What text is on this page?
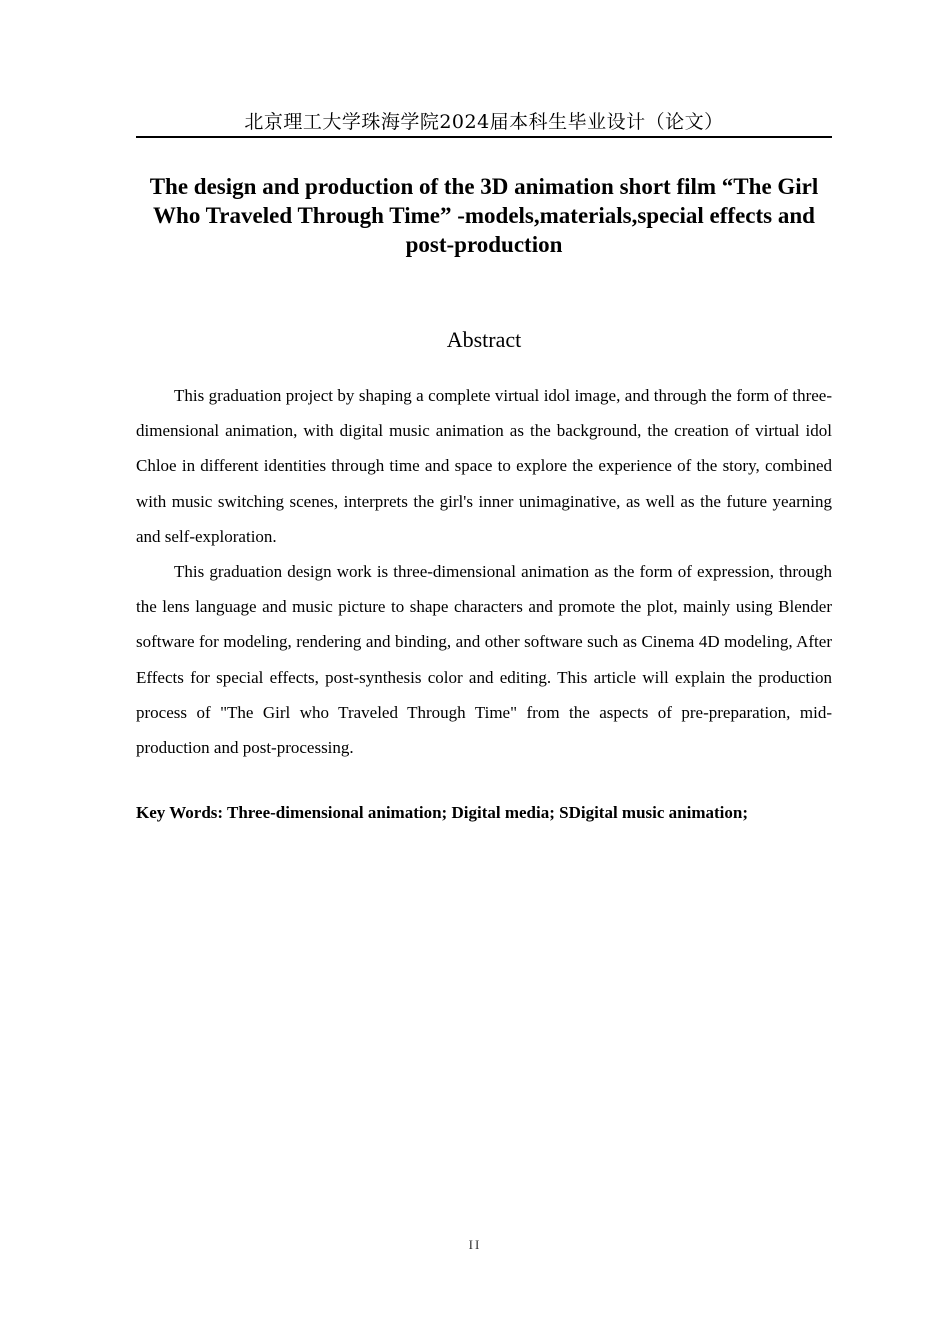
北京理工大学珠海学院2024届本科生毕业设计（论文）
The design and production of the 3D animation short film “The Girl Who Traveled Through Time” -models,materials,special effects and post-production
Abstract

This graduation project by shaping a complete virtual idol image, and through the form of three-dimensional animation, with digital music animation as the background, the creation of virtual idol Chloe in different identities through time and space to explore the experience of the story, combined with music switching scenes, interprets the girl's inner unimaginative, as well as the future yearning and self-exploration.

This graduation design work is three-dimensional animation as the form of expression, through the lens language and music picture to shape characters and promote the plot, mainly using Blender software for modeling, rendering and binding, and other software such as Cinema 4D modeling, After Effects for special effects, post-synthesis color and editing. This article will explain the production process of "The Girl who Traveled Through Time" from the aspects of pre-preparation, mid-production and post-processing.

Key Words: Three-dimensional animation; Digital media; SDigital music animation;
II
